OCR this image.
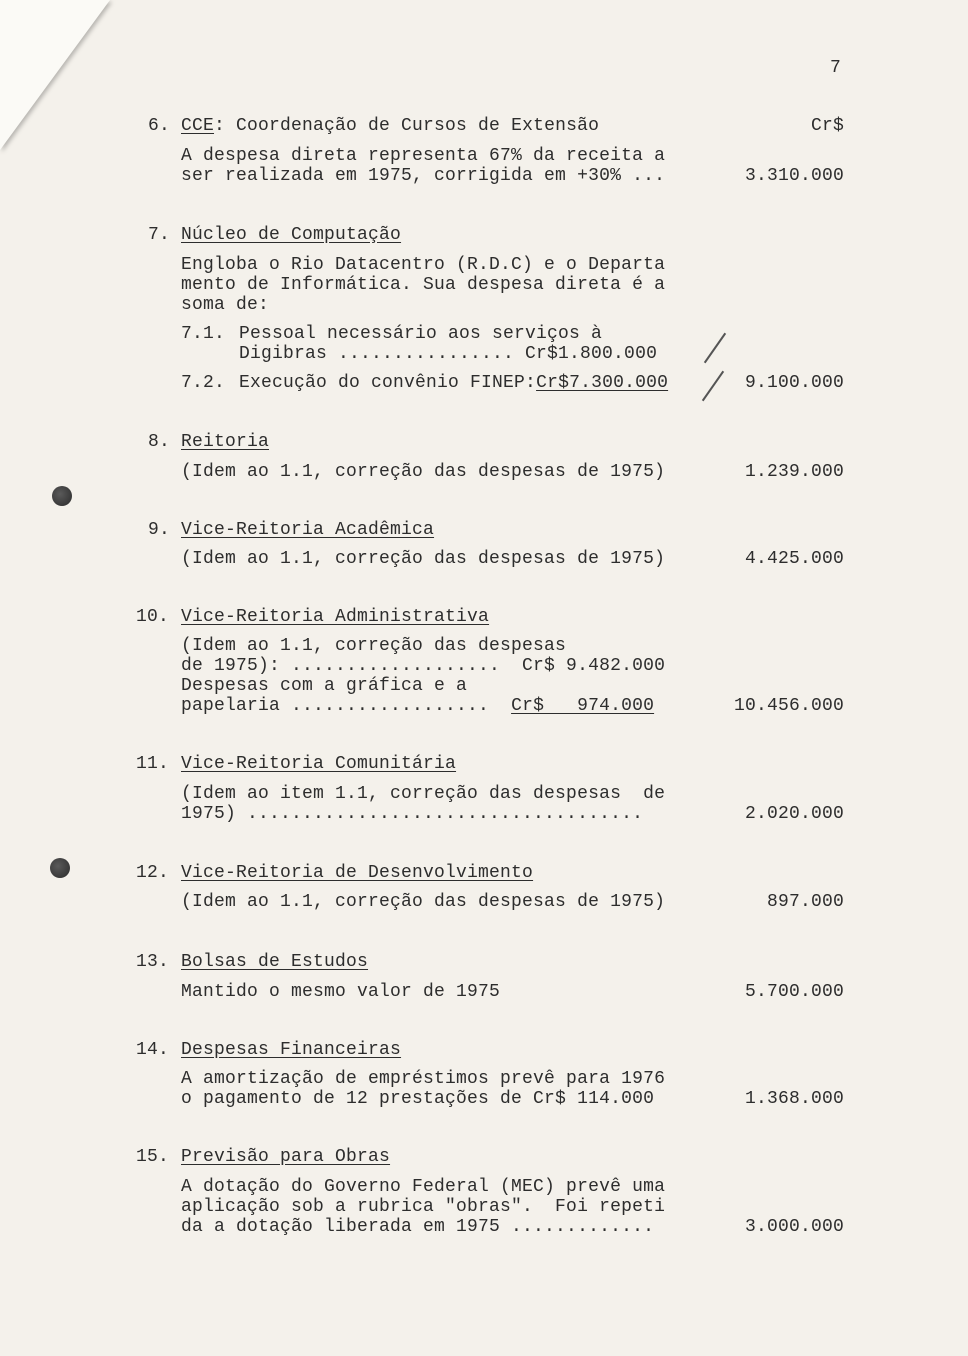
7
6. CCE: Coordenação de Cursos de Extensão	Cr$
A despesa direta representa 67% da receita a
ser realizada em 1975, corrigida em +30% ...	3.310.000
7. Núcleo de Computação
Engloba o Rio Datacentro (R.D.C) e o Departa
mento de Informática. Sua despesa direta é a
soma de:
7.1. Pessoal necessário aos serviços à
Digibras ................ Cr$1.800.000
7.2. Execução do convênio FINEP:Cr$7.300.000	9.100.000
8. Reitoria
(Idem ao 1.1, correção das despesas de 1975)	1.239.000
9. Vice-Reitoria Acadêmica
(Idem ao 1.1, correção das despesas de 1975)	4.425.000
10. Vice-Reitoria Administrativa
(Idem ao 1.1, correção das despesas
de 1975): ...................  Cr$ 9.482.000
Despesas com a gráfica e a
papelaria ..................  Cr$   974.000	10.456.000
11. Vice-Reitoria Comunitária
(Idem ao item 1.1, correção das despesas  de
1975) ....................................	2.020.000
12. Vice-Reitoria de Desenvolvimento
(Idem ao 1.1, correção das despesas de 1975)	897.000
13. Bolsas de Estudos
Mantido o mesmo valor de 1975	5.700.000
14. Despesas Financeiras
A amortização de empréstimos prevê para 1976
o pagamento de 12 prestações de Cr$ 114.000	1.368.000
15. Previsão para Obras
A dotação do Governo Federal (MEC) prevê uma
aplicação sob a rubrica "obras".  Foi repeti
da a dotação liberada em 1975 .............	3.000.000
